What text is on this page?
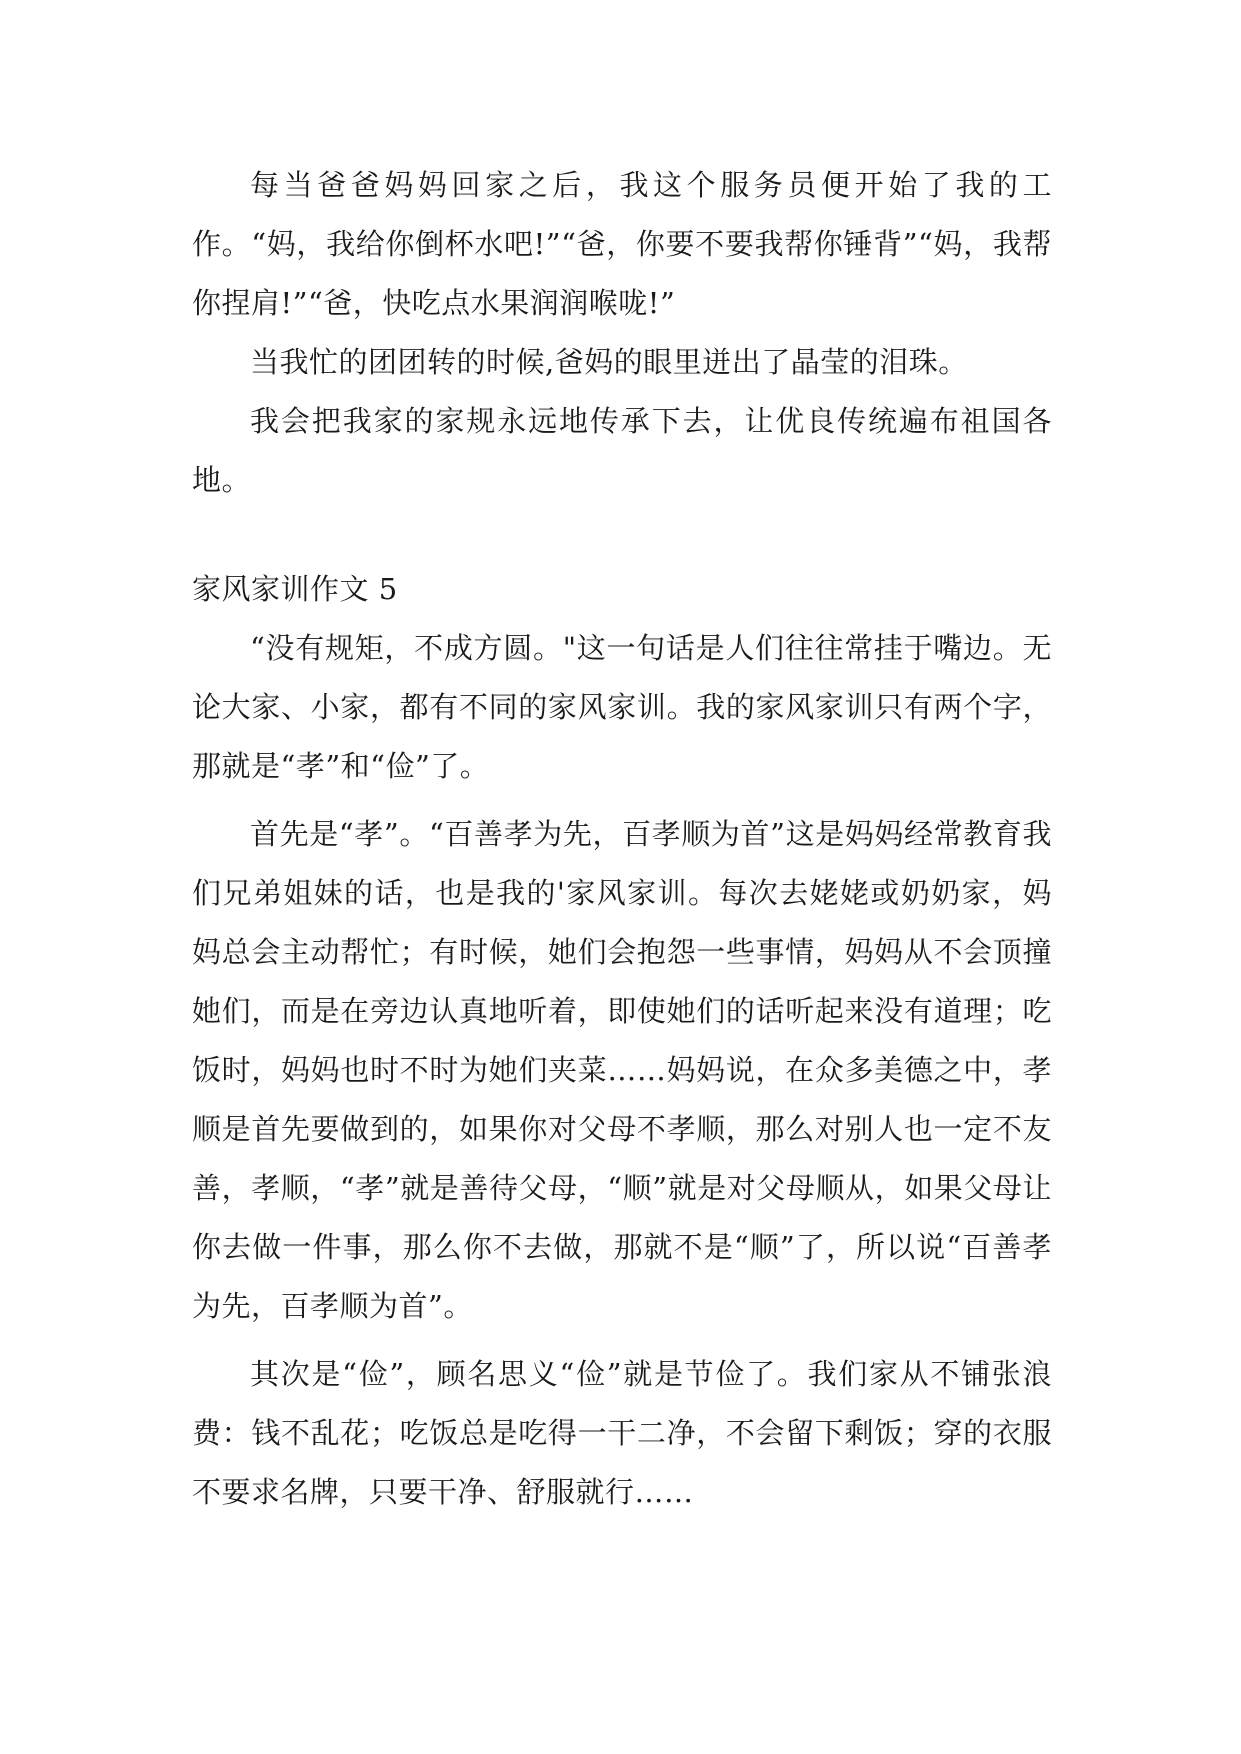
每当爸爸妈妈回家之后，我这个服务员便开始了我的工作。“妈，我给你倒杯水吧!”“爸，你要不要我帮你锤背”“妈，我帮你捏肩!”“爸，快吃点水果润润喉咙!”

当我忙的团团转的时候,爸妈的眼里迸出了晶莹的泪珠。

我会把我家的家规永远地传承下去，让优良传统遍布祖国各地。

家风家训作文 5

“没有规矩，不成方圆。"这一句话是人们往往常挂于嘴边。无论大家、小家，都有不同的家风家训。我的家风家训只有两个字，那就是“孝”和“俭”了。

首先是“孝”。“百善孝为先，百孝顺为首”这是妈妈经常教育我们兄弟姐妹的话，也是我的'家风家训。每次去姥姥或奶奶家，妈妈总会主动帮忙；有时候，她们会抱怨一些事情，妈妈从不会顶撞她们，而是在旁边认真地听着，即使她们的话听起来没有道理；吃饭时，妈妈也时不时为她们夹菜……妈妈说，在众多美德之中，孝顺是首先要做到的，如果你对父母不孝顺，那么对别人也一定不友善，孝顺，“孝”就是善待父母，“顺”就是对父母顺从，如果父母让你去做一件事，那么你不去做，那就不是“顺”了，所以说“百善孝为先，百孝顺为首”。

其次是“俭”，顾名思义“俭”就是节俭了。我们家从不铺张浪费：钱不乱花；吃饭总是吃得一干二净，不会留下剩饭；穿的衣服不要求名牌，只要干净、舒服就行……
